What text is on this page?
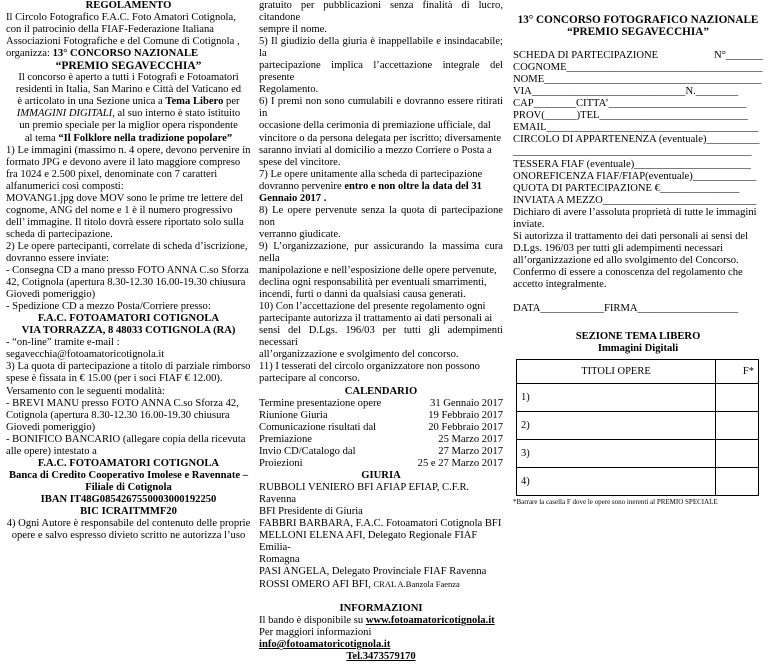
REGOLAMENTO

Il Circolo Fotografico F.A.C. Foto Amatori Cotignola,

con il patrocinio della FIAF-Federazione Italiana

Associazioni Fotografiche e del Comune di Cotignola ,

organizza: 13° CONCORSO NAZIONALE

“PREMIO SEGAVECCHIA”

Il concorso è aperto a tutti i Fotografi e Fotoamatori

residenti in Italia, San Marino e Città del Vaticano ed

è articolato in una Sezione unica a Tema Libero per

IMMAGINI DIGITALI, al suo interno è stato istituito

un premio speciale per la miglior opera rispondente

al tema “Il Folklore nella tradizione popolare”

1) Le immagini (massimo n. 4 opere, devono pervenire in

formato JPG e devono avere il lato maggiore compreso

fra 1024 e 2.500 pixel, denominate con 7 caratteri

alfanumerici così composti:

MOVANG1.jpg dove MOV sono le prime tre lettere del

cognome, ANG del nome e 1 è il numero progressivo

dell’ immagine. Il titolo dovrà essere riportato solo sulla

scheda di partecipazione.

2) Le opere partecipanti, correlate di scheda d’iscrizione,

dovranno essere inviate:

- Consegna CD a mano presso FOTO ANNA C.so Sforza

42, Cotignola (apertura 8.30-12.30 16.00-19.30 chiusura

Giovedì pomeriggio)

- Spedizione CD a mezzo Posta/Corriere presso:

F.A.C. FOTOAMATORI COTIGNOLA

VIA TORRAZZA, 8 48033 COTIGNOLA (RA)

- “on-line” tramite e-mail :

segavecchia@fotoamatoricotignola.it

3) La quota di partecipazione a titolo di parziale rimborso

spese è fissata in € 15.00 (per i soci FIAF € 12.00).

Versamento con le seguenti modalità:

- BREVI MANU presso FOTO ANNA C.so Sforza 42,

Cotignola (apertura 8.30-12.30 16.00-19.30 chiusura

Giovedì pomeriggio)

- BONIFICO BANCARIO (allegare copia della ricevuta

alle opere) intestato a

F.A.C. FOTOAMATORI COTIGNOLA

Banca di Credito Cooperativo Imolese e Ravennate –

Filiale di Cotignola

IBAN IT48G0854267550003000192250

BIC ICRAITMMF20

4) Ogni Autore è responsabile del contenuto delle proprie

opere e salvo espresso divieto scritto ne autorizza l’uso

gratuito per pubblicazioni senza finalità di lucro, citandone

sempre il nome.

5) Il giudizio della giuria è inappellabile e insindacabile; la

partecipazione implica l’accettazione integrale del presente

Regolamento.

6) I premi non sono cumulabili e dovranno essere ritirati in

occasione della cerimonia di premiazione ufficiale, dal

vincitore o da persona delegata per iscritto; diversamente

saranno inviati al domicilio a mezzo Corriere o Posta a

spese del vincitore.

7) Le opere unitamente alla scheda di partecipazione

dovranno pervenire entro e non oltre la data del 31

Gennaio 2017 .

8) Le opere pervenute senza la quota di partecipazione non

verranno giudicate.

9) L’organizzazione, pur assicurando la massima cura nella

manipolazione e nell’esposizione delle opere pervenute,

declina ogni responsabilità per eventuali smarrimenti,

incendi, furti o danni da qualsiasi causa generati.

10) Con l’accettazione del presente regolamento ogni

partecipante autorizza il trattamento ai dati personali ai

sensi del D.Lgs. 196/03 per tutti gli adempimenti necessari

all’organizzazione e svolgimento del concorso.

11) I tesserati del circolo organizzatore non possono

partecipare al concorso.

CALENDARIO

Termine presentazione opere	31 Gennaio 2017
Riunione Giuria	19 Febbraio 2017
Comunicazione risultati dal	20 Febbraio 2017
Premiazione	25 Marzo 2017
Invio CD/Catalogo dal	27 Marzo 2017
Proiezioni	25 e 27 Marzo 2017

GIURIA

RUBBOLI VENIERO BFI AFIAP EFIAP, C.F.R. Ravenna

BFI Presidente di Giuria

FABBRI BARBARA, F.A.C. Fotoamatori Cotignola BFI

MELLONI ELENA AFI, Delegato Regionale FIAF Emilia-

Romagna

PASI ANGELA, Delegato Provinciale FIAF Ravenna

ROSSI OMERO AFI BFI, CRAL A.Banzola Faenza

INFORMAZIONI

Il bando è disponibile su www.fotoamatoricotignola.it

Per maggiori informazioni info@fotoamatoricotignola.it

Tel.3473579170

13° CONCORSO FOTOGRAFICO NAZIONALE

“PREMIO SEGAVECCHIA”

SCHEDA DI PARTECIPAZIONE	N°_______

COGNOME_____________________________________

NOME_________________________________________

VIA_____________________________N.________

CAP________CITTA’__________________________

PROV(______)TEL____________________________

EMAIL________________________________________

CIRCOLO DI APPARTENENZA (eventuale)__________

_____________________________________________

TESSERA FIAF (eventuale)______________________

ONOREFICENZA FIAF/FIAP(eventuale)____________

QUOTA DI PARTECIPAZIONE €_______________

INVIATA A MEZZO_____________________________

Dichiaro di avere l’assoluta proprietà di tutte le immagini

inviate.

Si autorizza il trattamento dei dati personali ai sensi del

D.Lgs. 196/03 per tutti gli adempimenti necessari

all’organizzazione ed allo svolgimento del Concorso.

Confermo di essere a conoscenza del regolamento che

accetto integralmente.

DATA____________FIRMA___________________

SEZIONE TEMA LIBERO

Immagini Digitali

TITOLI OPERE	F*
1)	
2)	
3)	
4)	

*Barrare la casella F dove le opere sono inerenti al PREMIO SPECIALE
